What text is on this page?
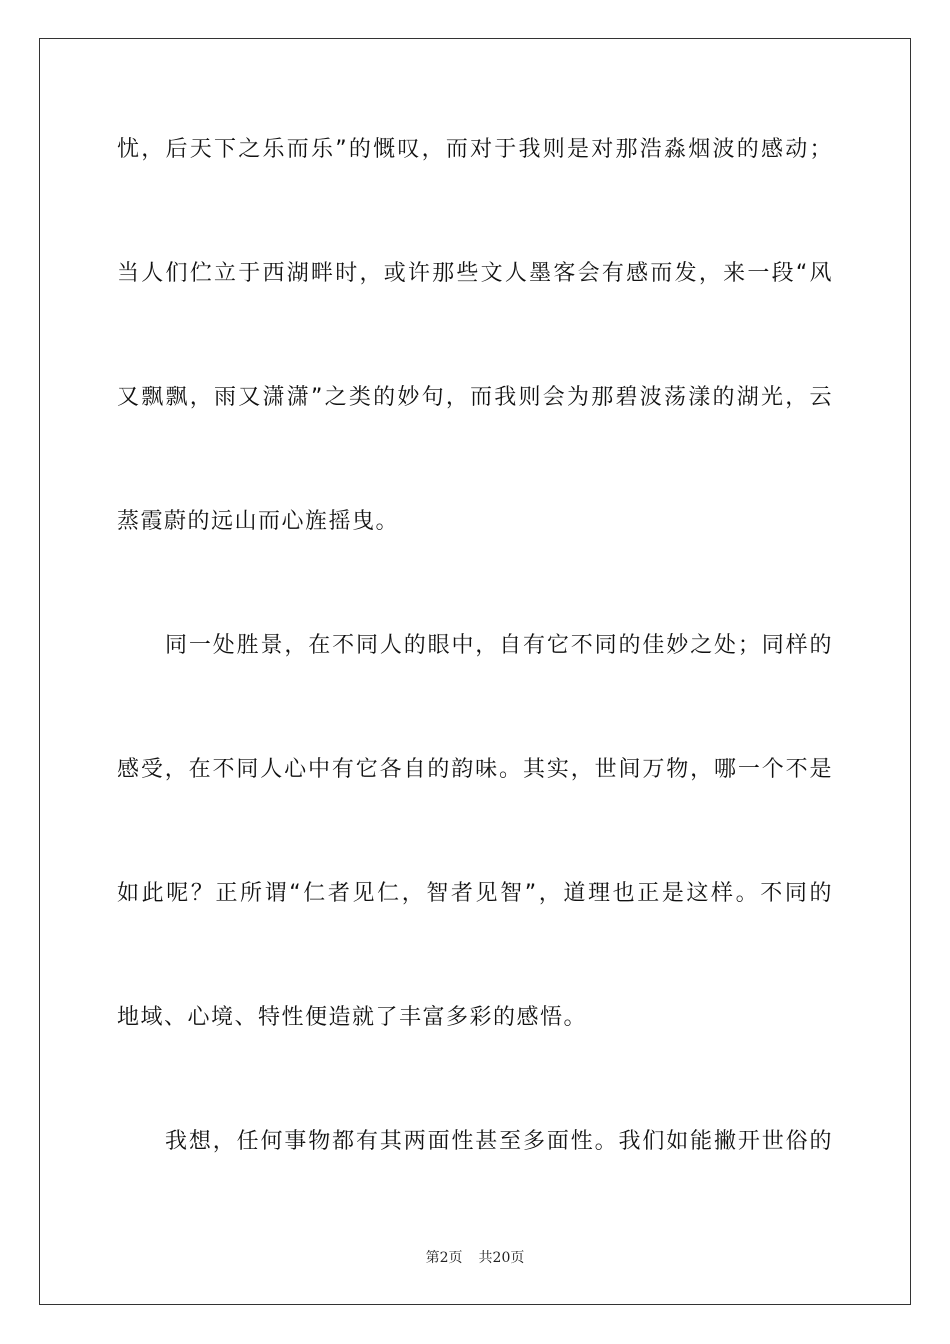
忧，后天下之乐而乐”的慨叹，而对于我则是对那浩淼烟波的感动；
当人们伫立于西湖畔时，或许那些文人墨客会有感而发，来一段“风
又飘飘，雨又潇潇”之类的妙句，而我则会为那碧波荡漾的湖光，云
蒸霞蔚的远山而心旌摇曳。
同一处胜景，在不同人的眼中，自有它不同的佳妙之处；同样的
感受，在不同人心中有它各自的韵味。其实，世间万物，哪一个不是
如此呢？正所谓“仁者见仁，智者见智”，道理也正是这样。不同的
地域、心境、特性便造就了丰富多彩的感悟。
我想，任何事物都有其两面性甚至多面性。我们如能撇开世俗的
第2页 共20页
